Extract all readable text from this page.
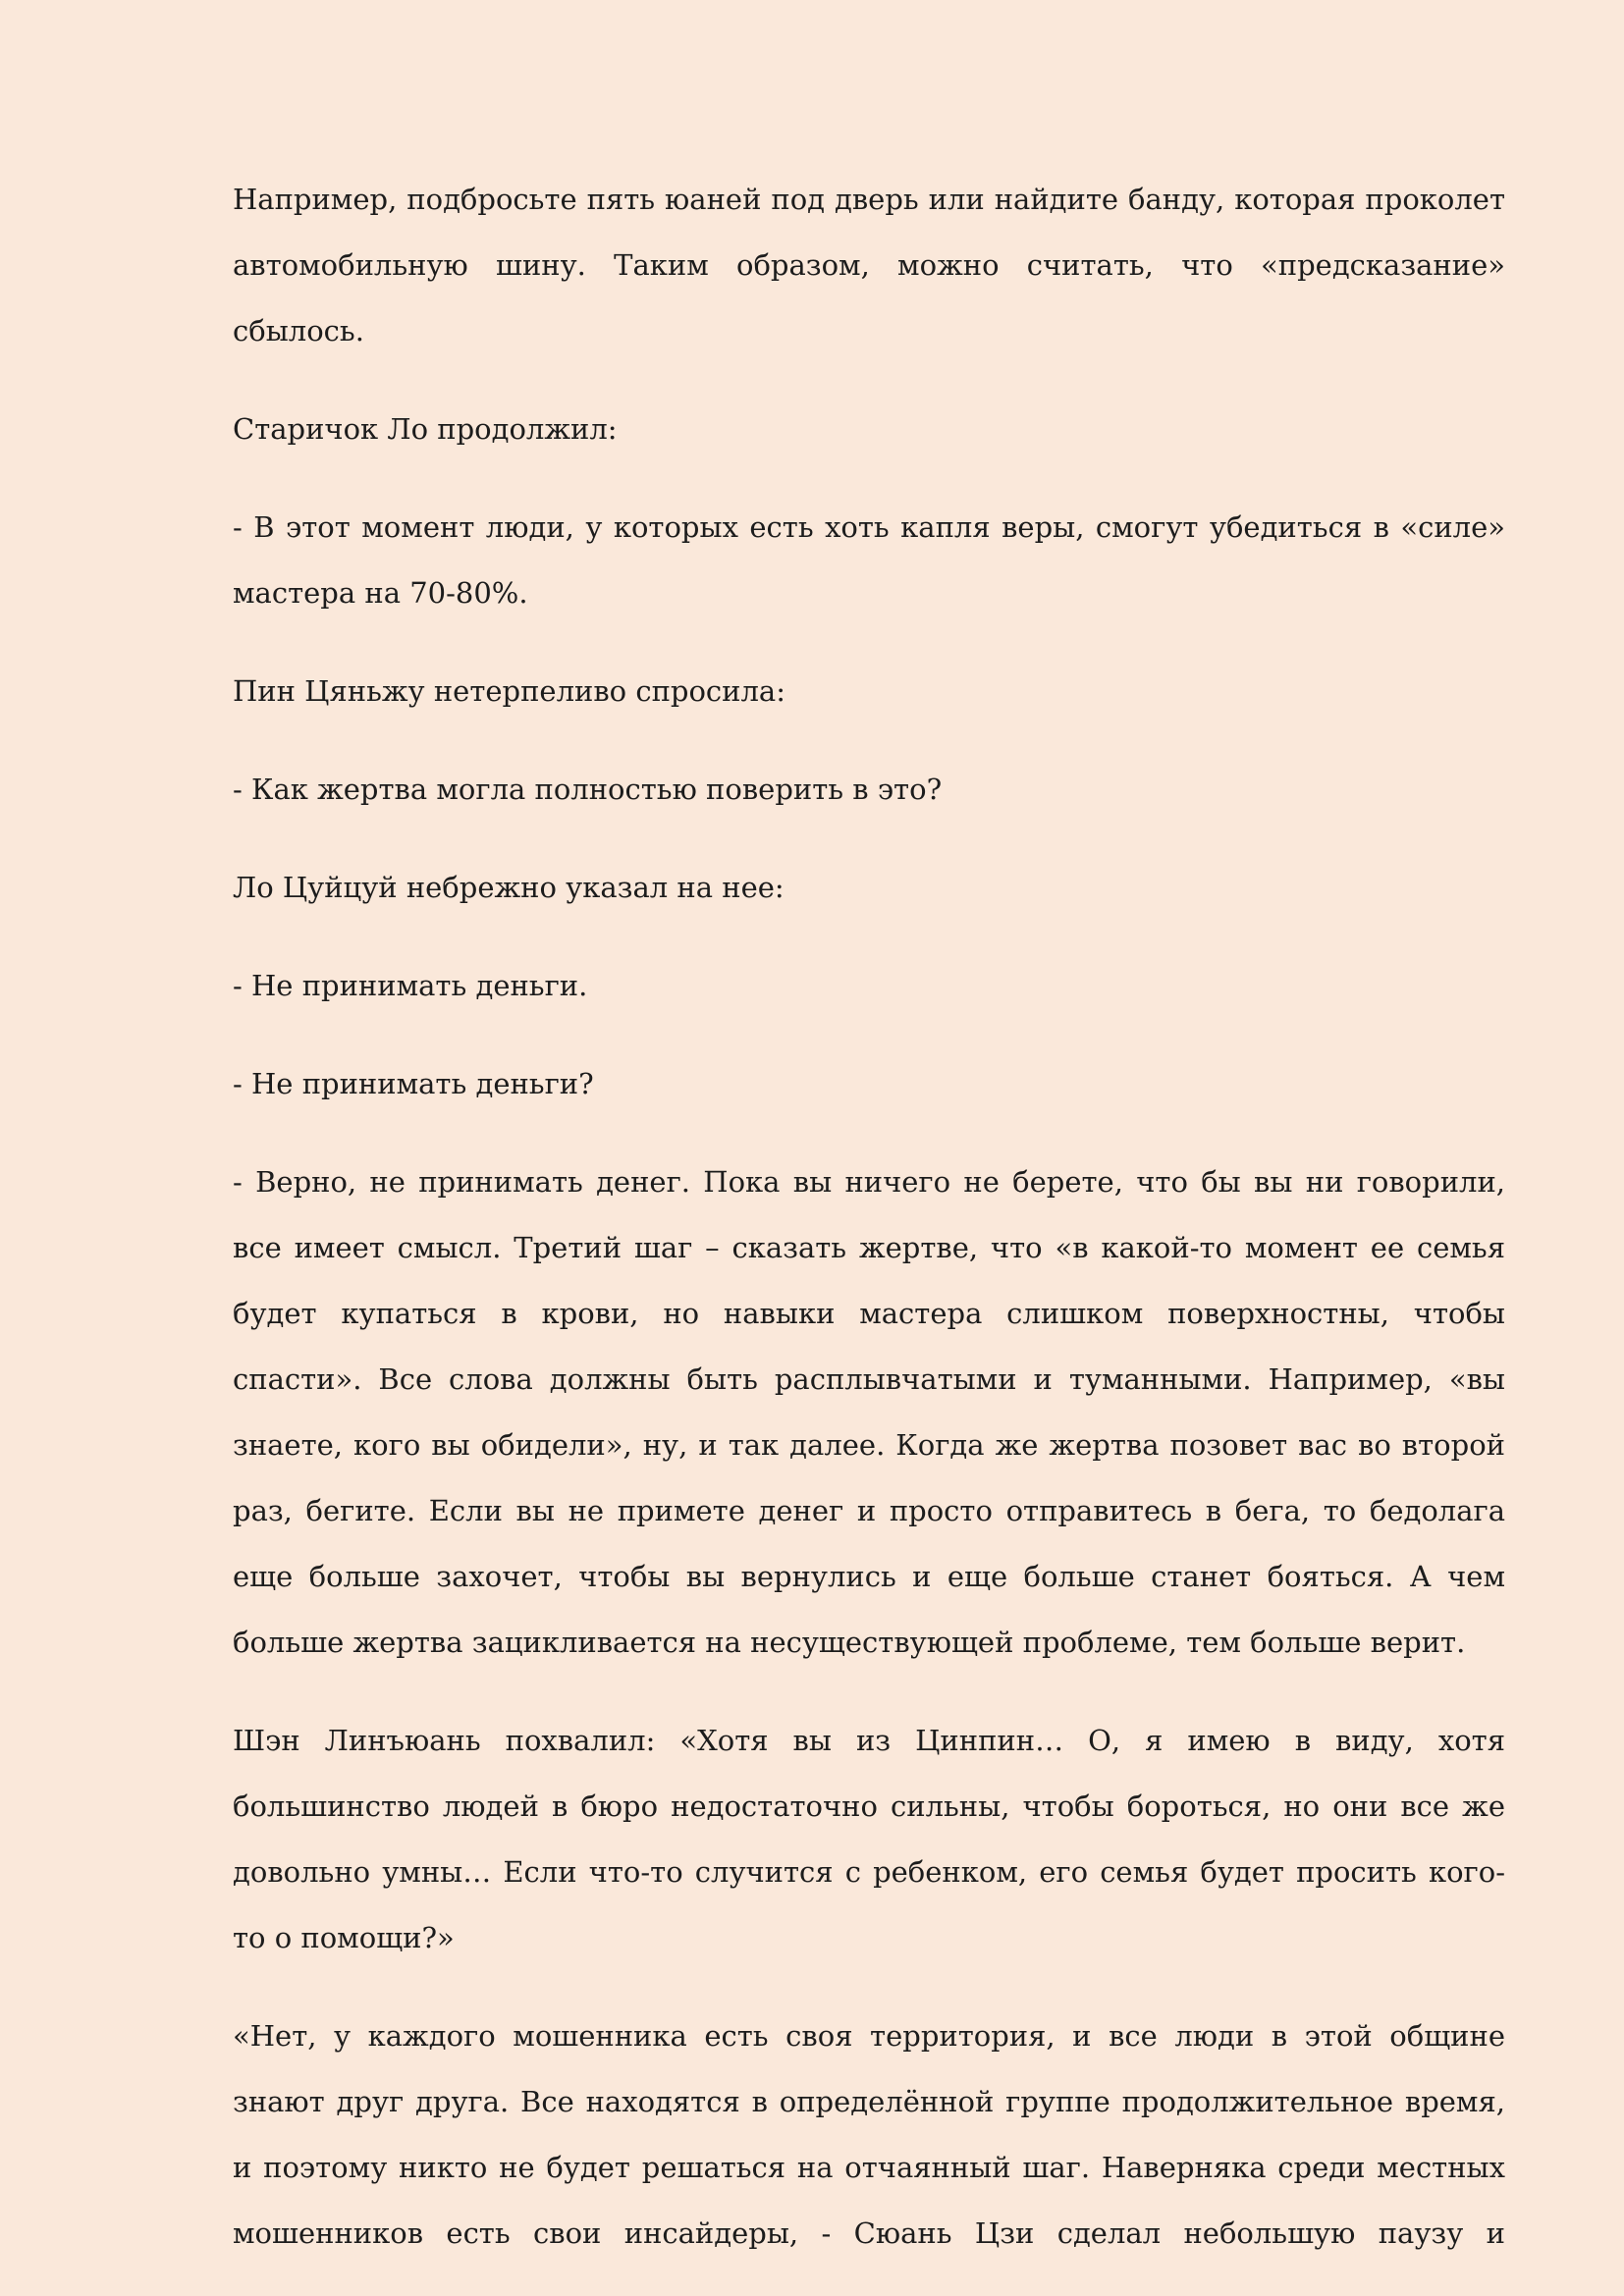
Например, подбросьте пять юаней под дверь или найдите банду, которая проколет автомобильную шину. Таким образом, можно считать, что «предсказание» сбылось.

Старичок Ло продолжил:

- В этот момент люди, у которых есть хоть капля веры, смогут убедиться в «силе» мастера на 70-80%.

Пин Цяньжу нетерпеливо спросила:

- Как жертва могла полностью поверить в это?

Ло Цуйцуй небрежно указал на нее:

- Не принимать деньги.

- Не принимать деньги?

- Верно, не принимать денег. Пока вы ничего не берете, что бы вы ни говорили, все имеет смысл. Третий шаг – сказать жертве, что «в какой-то момент ее семья будет купаться в крови, но навыки мастера слишком поверхностны, чтобы спасти». Все слова должны быть расплывчатыми и туманными. Например, «вы знаете, кого вы обидели», ну, и так далее. Когда же жертва позовет вас во второй раз, бегите. Если вы не примете денег и просто отправитесь в бега, то бедолага еще больше захочет, чтобы вы вернулись и еще больше станет бояться. А чем больше жертва зацикливается на несуществующей проблеме, тем больше верит.

Шэн Линъюань похвалил: «Хотя вы из Цинпин… О, я имею в виду, хотя большинство людей в бюро недостаточно сильны, чтобы бороться, но они все же довольно умны… Если что-то случится с ребенком, его семья будет просить кого-то о помощи?»

«Нет, у каждого мошенника есть своя территория, и все люди в этой общине знают друг друга. Все находятся в определённой группе продолжительное время, и поэтому никто не будет решаться на отчаянный шаг. Наверняка среди местных мошенников есть свои инсайдеры, - Сюань Цзи сделал небольшую паузу и
